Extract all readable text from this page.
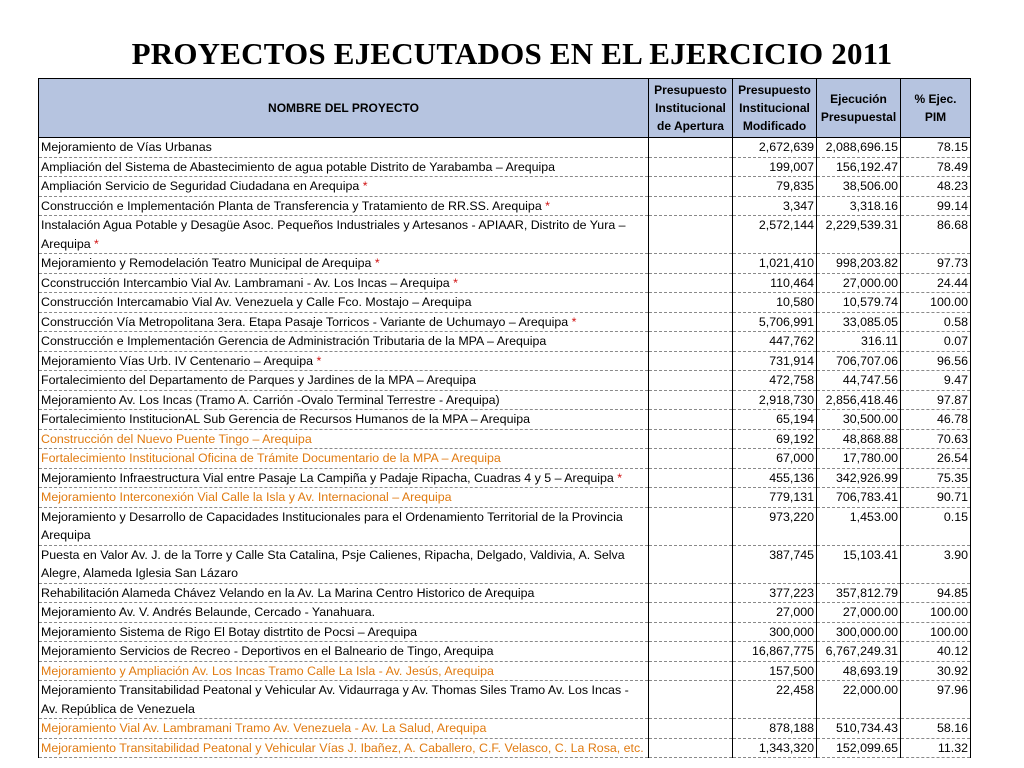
PROYECTOS EJECUTADOS EN EL EJERCICIO 2011
NOMBRE DEL PROYECTO	Presupuesto Institucional de Apertura	Presupuesto Institucional Modificado	Ejecución Presupuestal	% Ejec. PIM
Mejoramiento de Vías Urbanas		2,672,639	2,088,696.15	78.15
Ampliación del Sistema de Abastecimiento de agua potable Distrito de Yarabamba – Arequipa		199,007	156,192.47	78.49
Ampliación Servicio de Seguridad Ciudadana en Arequipa *		79,835	38,506.00	48.23
Construcción e Implementación Planta de Transferencia y Tratamiento de RR.SS. Arequipa *		3,347	3,318.16	99.14
Instalación Agua Potable y Desagüe Asoc. Pequeños Industriales y Artesanos - APIAAR, Distrito de Yura –Arequipa *		2,572,144	2,229,539.31	86.68
Mejoramiento y Remodelación Teatro Municipal de Arequipa *		1,021,410	998,203.82	97.73
Cconstrucción Intercambio Vial Av. Lambramani - Av. Los Incas – Arequipa *		110,464	27,000.00	24.44
Construcción Intercamabio Vial Av. Venezuela y Calle Fco. Mostajo – Arequipa		10,580	10,579.74	100.00
Construcción Vía Metropolitana 3era. Etapa Pasaje Torricos - Variante de Uchumayo – Arequipa *		5,706,991	33,085.05	0.58
Construcción e Implementación Gerencia de Administración Tributaria de la MPA – Arequipa		447,762	316.11	0.07
Mejoramiento Vías Urb. IV Centenario – Arequipa *		731,914	706,707.06	96.56
Fortalecimiento del Departamento de Parques y Jardines de la MPA – Arequipa		472,758	44,747.56	9.47
Mejoramiento Av. Los Incas (Tramo A. Carrión -Ovalo Terminal Terrestre - Arequipa)		2,918,730	2,856,418.46	97.87
Fortalecimiento InstitucionAL Sub Gerencia de Recursos Humanos de la MPA – Arequipa		65,194	30,500.00	46.78
Construcción del Nuevo Puente Tingo – Arequipa		69,192	48,868.88	70.63
Fortalecimiento Institucional Oficina de Trámite Documentario de la MPA – Arequipa		67,000	17,780.00	26.54
Mejoramiento Infraestructura Vial entre Pasaje La Campiña y Padaje Ripacha, Cuadras 4 y 5 – Arequipa *		455,136	342,926.99	75.35
Mejoramiento Interconexión Vial Calle la Isla y Av. Internacional – Arequipa		779,131	706,783.41	90.71
Mejoramiento y Desarrollo de Capacidades Institucionales para el Ordenamiento Territorial de la Provincia Arequipa		973,220	1,453.00	0.15
Puesta en Valor Av. J. de la Torre y Calle Sta Catalina, Psje Calienes, Ripacha, Delgado, Valdivia, A. Selva Alegre, Alameda Iglesia San Lázaro		387,745	15,103.41	3.90
Rehabilitación Alameda Chávez Velando en la Av. La Marina Centro Historico de Arequipa		377,223	357,812.79	94.85
Mejoramiento Av. V. Andrés Belaunde, Cercado - Yanahuara.		27,000	27,000.00	100.00
Mejoramiento Sistema de Rigo El Botay distrtito de Pocsi – Arequipa		300,000	300,000.00	100.00
Mejoramiento Servicios de Recreo - Deportivos en el Balneario de Tingo, Arequipa		16,867,775	6,767,249.31	40.12
Mejoramiento y Ampliación Av. Los Incas Tramo Calle La Isla - Av. Jesús, Arequipa		157,500	48,693.19	30.92
Mejoramiento Transitabilidad Peatonal y Vehicular Av. Vidaurraga y Av. Thomas Siles Tramo Av. Los Incas - Av. República de Venezuela		22,458	22,000.00	97.96
Mejoramiento Vial Av. Lambramani Tramo Av. Venezuela - Av. La Salud, Arequipa		878,188	510,734.43	58.16
Mejoramiento Transitabilidad Peatonal y Vehicular Vías J. Ibañez, A. Caballero, C.F. Velasco, C. La Rosa, etc.		1,343,320	152,099.65	11.32
